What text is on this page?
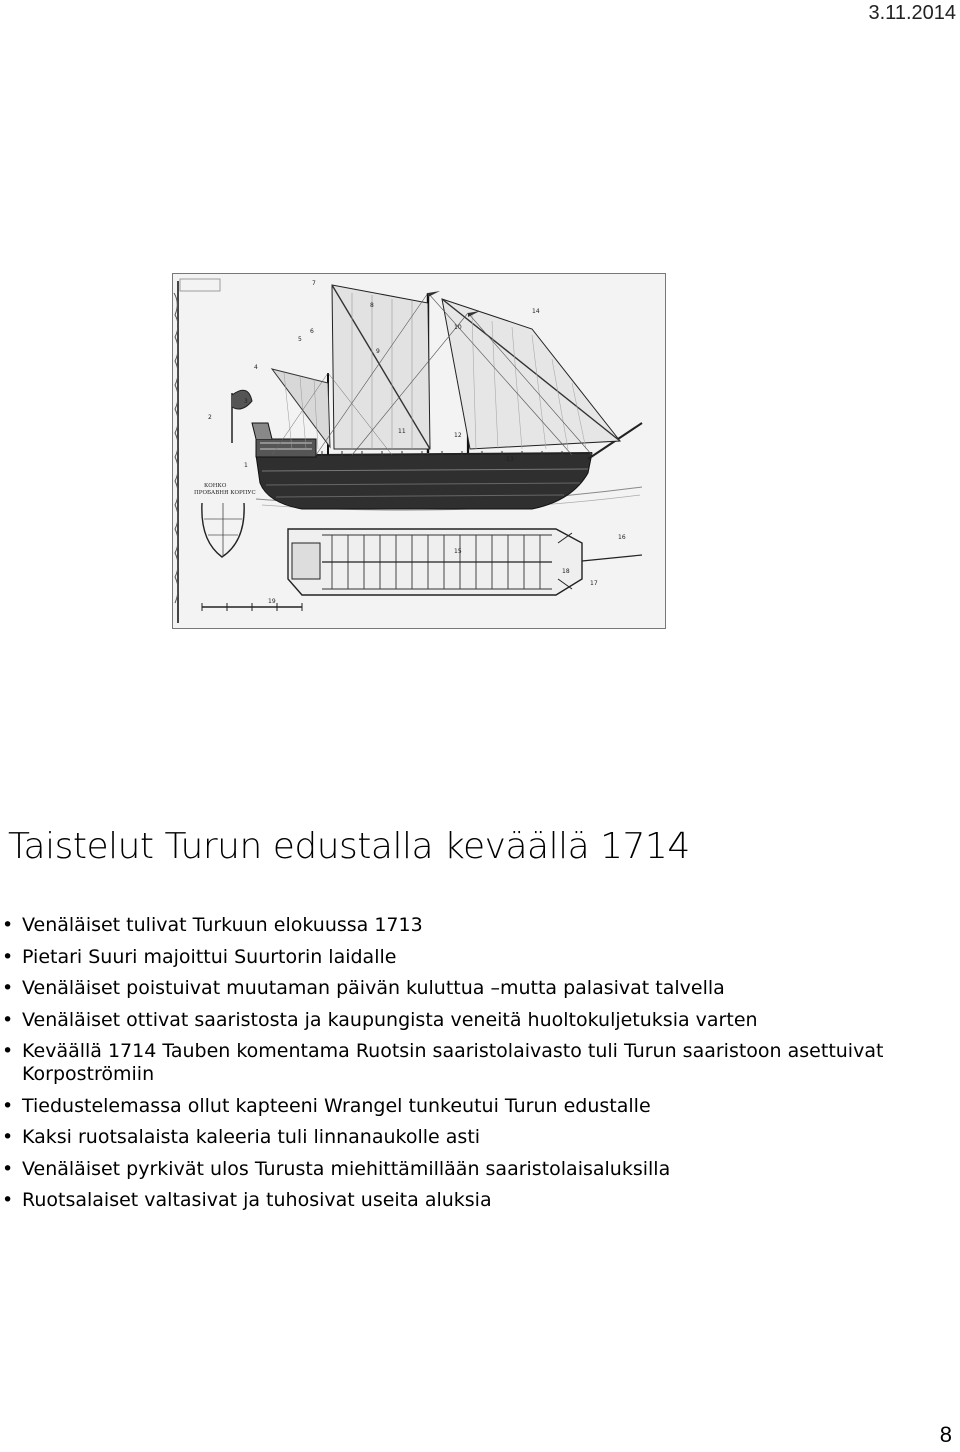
3.11.2014
КОНКО
ПРОБАВНЯ КОРПУС
1
2
3
4
5
6
7
8
9
10
11
12
13
14
15
16
17
18
19
Taistelut Turun edustalla keväällä 1714
• Venäläiset tulivat Turkuun elokuussa 1713
• Pietari Suuri majoittui Suurtorin laidalle
• Venäläiset poistuivat muutaman päivän kuluttua –mutta palasivat talvella
• Venäläiset ottivat saaristosta ja kaupungista veneitä huoltokuljetuksia varten
• Keväällä 1714 Tauben komentama Ruotsin saaristolaivasto tuli Turun saaristoon asettuivat Korpoströmiin
• Tiedustelemassa ollut kapteeni Wrangel tunkeutui Turun edustalle
• Kaksi ruotsalaista kaleeria tuli linnanaukolle asti
• Venäläiset pyrkivät ulos Turusta miehittämillään saaristolaisaluksilla
• Ruotsalaiset valtasivat ja tuhosivat useita aluksia
8
